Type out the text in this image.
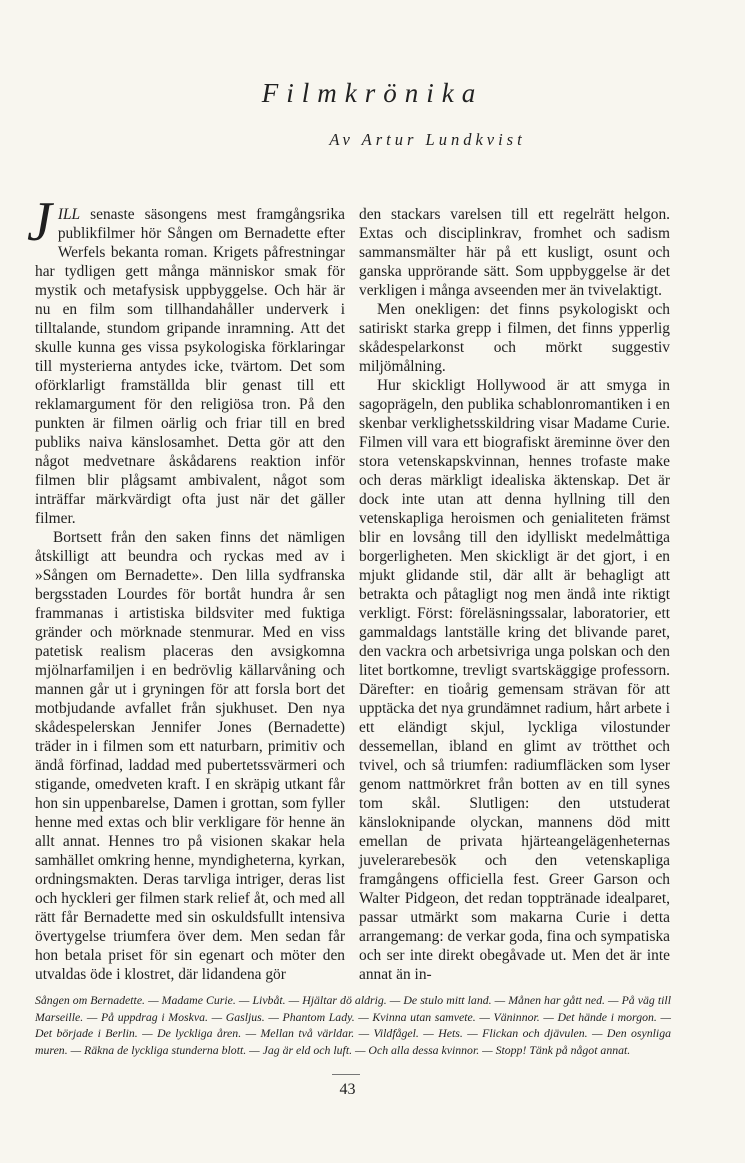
Filmkrönika
Av Artur Lundkvist

JILL senaste säsongens mest framgångsrika publikfilmer hör Sången om Bernadette efter Werfels bekanta roman. Krigets påfrestningar har tydligen gett många människor smak för mystik och metafysisk uppbyggelse. Och här är nu en film som tillhandahåller underverk i tilltalande, stundom gripande inramning. Att det skulle kunna ges vissa psykologiska förklaringar till mysterierna antydes icke, tvärtom. Det som oförklarligt framställda blir genast till ett reklamargument för den religiösa tron. På den punkten är filmen oärlig och friar till en bred publiks naiva känslosamhet. Detta gör att den något medvetnare åskådarens reaktion inför filmen blir plågsamt ambivalent, något som inträffar märkvärdigt ofta just när det gäller filmer.

Bortsett från den saken finns det nämligen åtskilligt att beundra och ryckas med av i »Sången om Bernadette». Den lilla sydfranska bergsstaden Lourdes för bortåt hundra år sen frammanas i artistiska bildsviter med fuktiga gränder och mörknade stenmurar. Med en viss patetisk realism placeras den avsigkomna mjölnarfamiljen i en bedrövlig källarvåning och mannen går ut i gryningen för att forsla bort det motbjudande avfallet från sjukhuset. Den nya skådespelerskan Jennifer Jones (Bernadette) träder in i filmen som ett naturbarn, primitiv och ändå förfinad, laddad med pubertetssvärmeri och stigande, omedveten kraft. I en skräpig utkant får hon sin uppenbarelse, Damen i grottan, som fyller henne med extas och blir verkligare för henne än allt annat. Hennes tro på visionen skakar hela samhället omkring henne, myndigheterna, kyrkan, ordningsmakten. Deras tarvliga intriger, deras list och hyckleri ger filmen stark relief åt, och med all rätt får Bernadette med sin oskuldsfullt intensiva övertygelse triumfera över dem. Men sedan får hon betala priset för sin egenart och möter den utvaldas öde i klostret, där lidandena gör

den stackars varelsen till ett regelrätt helgon. Extas och disciplinkrav, fromhet och sadism sammansmälter här på ett kusligt, osunt och ganska upprörande sätt. Som uppbyggelse är det verkligen i många avseenden mer än tvivelaktigt.

Men onekligen: det finns psykologiskt och satiriskt starka grepp i filmen, det finns ypperlig skådespelarkonst och mörkt suggestiv miljömålning.

Hur skickligt Hollywood är att smyga in sagoprägeln, den publika schablonromantiken i en skenbar verklighetsskildring visar Madame Curie. Filmen vill vara ett biografiskt äreminne över den stora vetenskapskvinnan, hennes trofaste make och deras märkligt idealiska äktenskap. Det är dock inte utan att denna hyllning till den vetenskapliga heroismen och genialiteten främst blir en lovsång till den idylliskt medelmåttiga borgerligheten. Men skickligt är det gjort, i en mjukt glidande stil, där allt är behagligt att betrakta och påtagligt nog men ändå inte riktigt verkligt. Först: föreläsningssalar, laboratorier, ett gammaldags lantställe kring det blivande paret, den vackra och arbetsivriga unga polskan och den litet bortkomne, trevligt svartskäggige professorn. Därefter: en tioårig gemensam strävan för att upptäcka det nya grundämnet radium, hårt arbete i ett eländigt skjul, lyckliga vilostunder dessemellan, ibland en glimt av trötthet och tvivel, och så triumfen: radiumfläcken som lyser genom nattmörkret från botten av en till synes tom skål. Slutligen: den utstuderat känsloknipande olyckan, mannens död mitt emellan de privata hjärteangelägenheternas juvelerarebesök och den vetenskapliga framgångens officiella fest. Greer Garson och Walter Pidgeon, det redan topptränade idealparet, passar utmärkt som makarna Curie i detta arrangemang: de verkar goda, fina och sympatiska och ser inte direkt obegåvade ut. Men det är inte annat än in-

Sången om Bernadette. — Madame Curie. — Livbåt. — Hjältar dö aldrig. — De stulo mitt land. — Månen har gått ned. — På väg till Marseille. — På uppdrag i Moskva. — Gasljus. — Phantom Lady. — Kvinna utan samvete. — Väninnor. — Det hände i morgon. — Det började i Berlin. — De lyckliga åren. — Mellan två världar. — Vildfågel. — Hets. — Flickan och djävulen. — Den osynliga muren. — Räkna de lyckliga stunderna blott. — Jag är eld och luft. — Och alla dessa kvinnor. — Stopp! Tänk på något annat.
43
